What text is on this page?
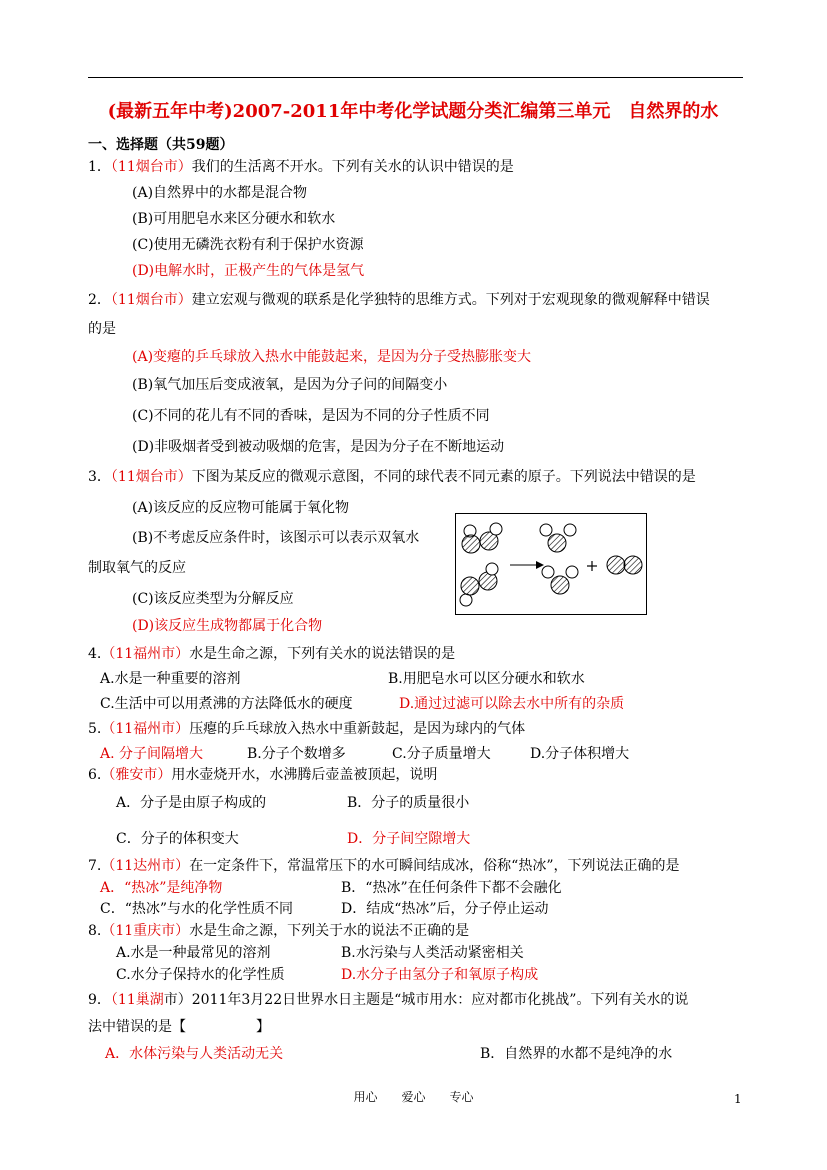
(最新五年中考)2007-2011年中考化学试题分类汇编第三单元　自然界的水
一、选择题（共59题）
1．（11烟台市）我们的生活离不开水。下列有关水的认识中错误的是
(A)自然界中的水都是混合物
(B)可用肥皂水来区分硬水和软水
(C)使用无磷洗衣粉有利于保护水资源
(D)电解水时，正极产生的气体是氢气
2．（11烟台市）建立宏观与微观的联系是化学独特的思维方式。下列对于宏观现象的微观解释中错误
的是
(A)变瘪的乒乓球放入热水中能鼓起来，是因为分子受热膨胀变大
(B)氧气加压后变成液氧，是因为分子问的间隔变小
(C)不同的花儿有不同的香味，是因为不同的分子性质不同
(D)非吸烟者受到被动吸烟的危害，是因为分子在不断地运动
3．（11烟台市）下图为某反应的微观示意图，不同的球代表不同元素的原子。下列说法中错误的是
(A)该反应的反应物可能属于氧化物
(B)不考虑反应条件时，该图示可以表示双氧水
制取氧气的反应
(C)该反应类型为分解反应
(D)该反应生成物都属于化合物
4.（11福州市）水是生命之源，下列有关水的说法错误的是
A.水是一种重要的溶剂	B.用肥皂水可以区分硬水和软水
C.生活中可以用煮沸的方法降低水的硬度	D.通过过滤可以除去水中所有的杂质
5.（11福州市）压瘪的乒乓球放入热水中重新鼓起，是因为球内的气体
A. 分子间隔增大	B.分子个数增多	C.分子质量增大	D.分子体积增大
6.（雅安市）用水壶烧开水，水沸腾后壶盖被顶起，说明
A．分子是由原子构成的	B．分子的质量很小
C．分子的体积变大	D．分子间空隙增大
7.（11达州市）在一定条件下，常温常压下的水可瞬间结成冰，俗称“热冰”，下列说法正确的是
A．“热冰”是纯净物	B．“热冰”在任何条件下都不会融化
C．“热冰”与水的化学性质不同	D．结成“热冰”后，分子停止运动
8.（11重庆市）水是生命之源，下列关于水的说法不正确的是
A.水是一种最常见的溶剂	B.水污染与人类活动紧密相关
C.水分子保持水的化学性质	D.水分子由氢分子和氧原子构成
9．（11巢湖市）2011年3月22日世界水日主题是“城市用水：应对都市化挑战”。下列有关水的说
法中错误的是【　　　　　】
A．水体污染与人类活动无关	B．自然界的水都不是纯净的水
用心　　爱心　　专心	1
